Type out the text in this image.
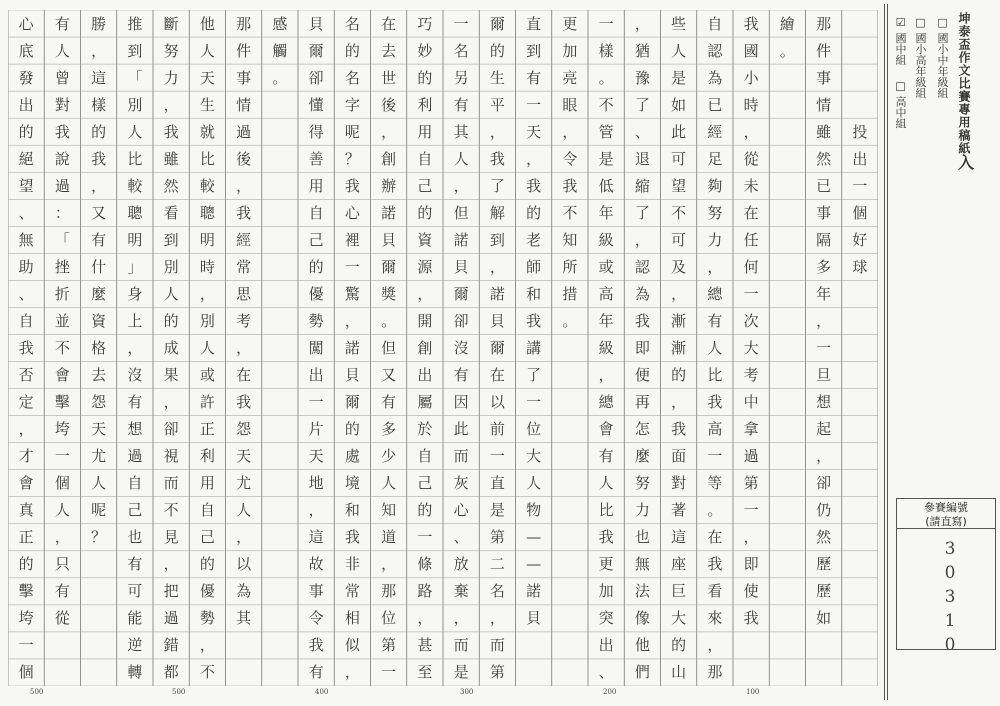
投
出
一
個
好
球
那
件
事
情
雖
然
已
事
隔
多
年
，
一
旦
想
起
，
卻
仍
然
歷
歷
如
繪
。
我
國
小
時
，
從
未
在
任
何
一
次
大
考
中
拿
過
第
一
，
即
使
我
自
認
為
已
經
足
夠
努
力
，
總
有
人
比
我
高
一
等
。
在
我
看
來
，
那
些
人
是
如
此
可
望
不
可
及
，
漸
漸
的
，
我
面
對
著
這
座
巨
大
的
山
，
猶
豫
了
、
退
縮
了
，
認
為
我
即
便
再
怎
麼
努
力
也
無
法
像
他
們
一
樣
。
不
管
是
低
年
級
或
高
年
級
，
總
會
有
人
比
我
更
加
突
出
、
更
加
亮
眼
，
令
我
不
知
所
措
。
直
到
有
一
天
，
我
的
老
師
和
我
講
了
一
位
大
人
物
—
—
諾
貝
爾
的
生
平
，
我
了
解
到
，
諾
貝
爾
在
以
前
一
直
是
第
二
名
，
而
第
一
名
另
有
其
人
，
但
諾
貝
爾
卻
沒
有
因
此
而
灰
心
、
放
棄
，
而
是
巧
妙
的
利
用
自
己
的
資
源
，
開
創
出
屬
於
自
己
的
一
條
路
，
甚
至
在
去
世
後
，
創
辦
諾
貝
爾
獎
。
但
又
有
多
少
人
知
道
，
那
位
第
一
名
的
名
字
呢
？
我
心
裡
一
驚
，
諾
貝
爾
的
處
境
和
我
非
常
相
似
，
貝
爾
卻
懂
得
善
用
自
己
的
優
勢
闖
出
一
片
天
地
，
這
故
事
令
我
有
感
觸
。
那
件
事
情
過
後
，
我
經
常
思
考
，
在
我
怨
天
尤
人
，
以
為
其
他
人
天
生
就
比
較
聰
明
時
，
別
人
或
許
正
利
用
自
己
的
優
勢
，
不
斷
努
力
，
我
雖
然
看
到
別
人
的
成
果
，
卻
視
而
不
見
，
把
過
錯
都
推
到
「
別
人
比
較
聰
明
」
身
上
，
沒
有
想
過
自
己
也
有
可
能
逆
轉
勝
，
這
樣
的
我
，
又
有
什
麼
資
格
去
怨
天
尤
人
呢
？
有
人
曾
對
我
說
過
：
「
挫
折
並
不
會
擊
垮
一
個
人
，
只
有
從
心
底
發
出
的
絕
望
、
無
助
、
自
我
否
定
，
才
會
真
正
的
擊
垮
一
個
500	500	400	300	200	100
坤泰盃作文比賽專用稿紙
□ 國小中年級組
□ 國小高年級組
☑ 國中組□ 高中組
入
參賽編號
(請直寫)
30310
